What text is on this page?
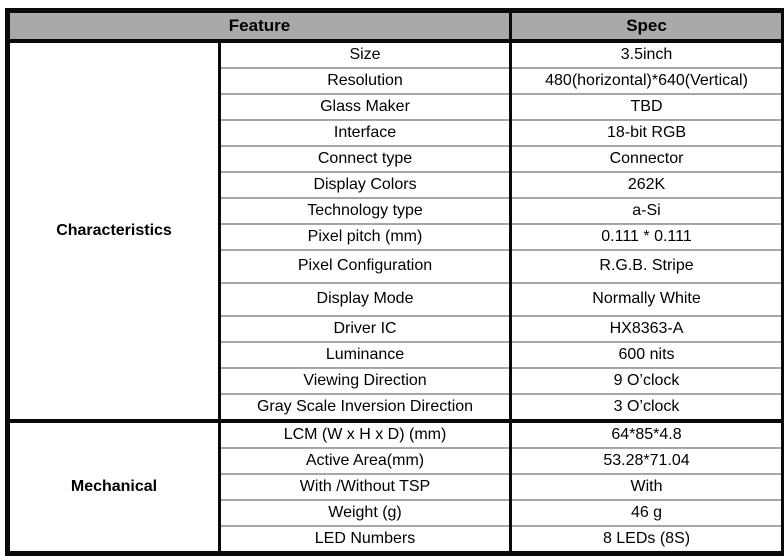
Feature		Spec
Characteristics	Size	3.5inch
	Resolution	480(horizontal)*640(Vertical)
	Glass Maker	TBD
	Interface	18-bit RGB
	Connect type	Connector
	Display Colors	262K
	Technology type	a-Si
	Pixel pitch (mm)	0.111 * 0.111
	Pixel Configuration	R.G.B. Stripe
	Display Mode	Normally White
	Driver IC	HX8363-A
	Luminance	600 nits
	Viewing Direction	9 O’clock
	Gray Scale Inversion Direction	3 O’clock
Mechanical	LCM (W x H x D) (mm)	64*85*4.8
	Active Area(mm)	53.28*71.04
	With /Without TSP	With
	Weight (g)	46 g
	LED Numbers	8 LEDs (8S)
